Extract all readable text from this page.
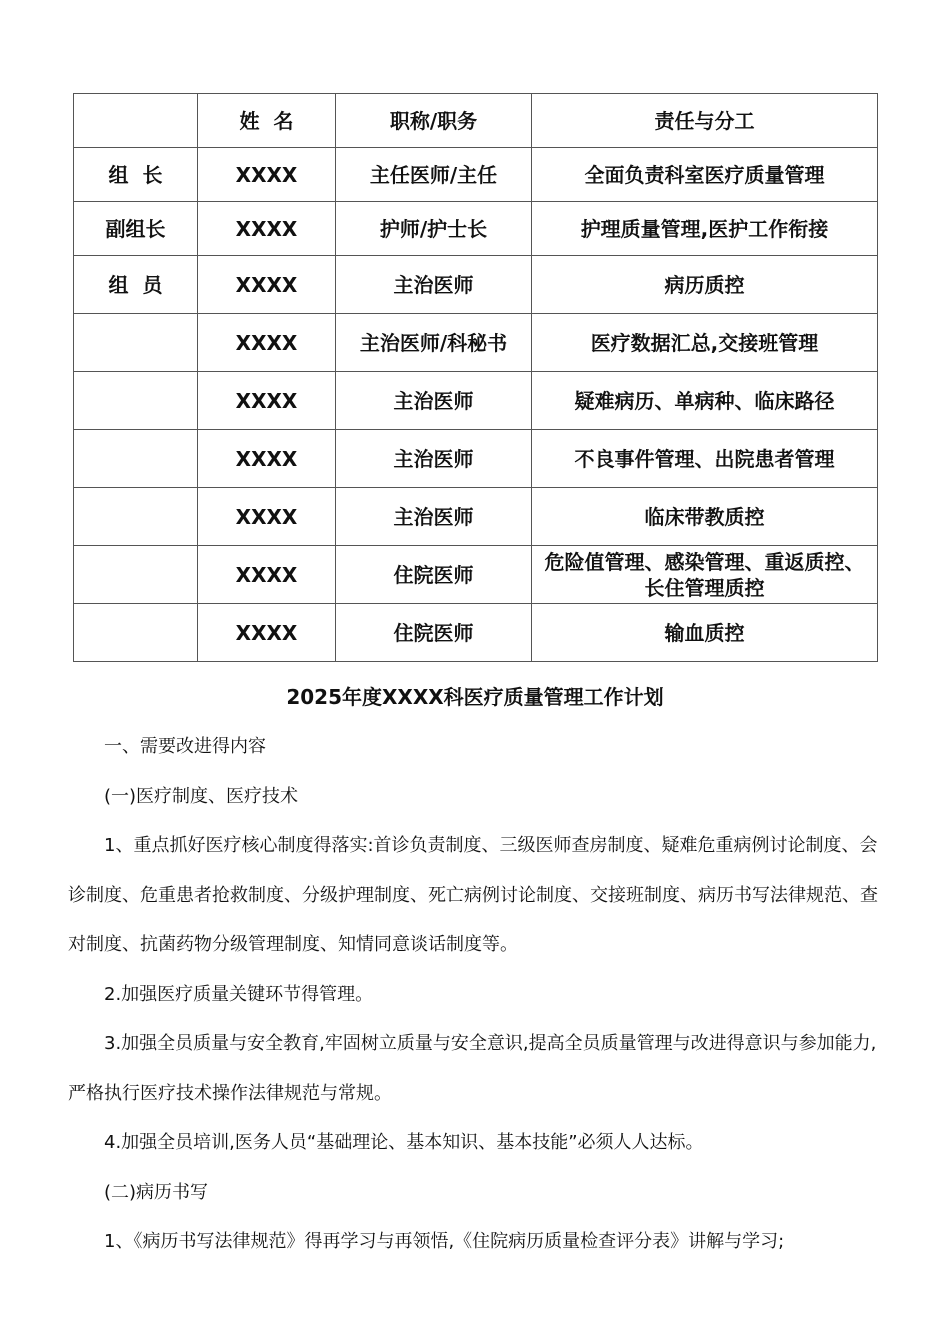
	姓  名	职称/职务	责任与分工
组  长	XXXX	主任医师/主任	全面负责科室医疗质量管理
副组长	XXXX	护师/护士长	护理质量管理,医护工作衔接
组  员	XXXX	主治医师	病历质控
	XXXX	主治医师/科秘书	医疗数据汇总,交接班管理
	XXXX	主治医师	疑难病历、单病种、临床路径
	XXXX	主治医师	不良事件管理、出院患者管理
	XXXX	主治医师	临床带教质控
	XXXX	住院医师	危险值管理、感染管理、重返质控、长住管理质控
	XXXX	住院医师	输血质控
2025年度XXXX科医疗质量管理工作计划

一、需要改进得内容

(一)医疗制度、医疗技术

1、重点抓好医疗核心制度得落实:首诊负责制度、三级医师查房制度、疑难危重病例讨论制度、会诊制度、危重患者抢救制度、分级护理制度、死亡病例讨论制度、交接班制度、病历书写法律规范、查对制度、抗菌药物分级管理制度、知情同意谈话制度等。

2.加强医疗质量关键环节得管理。

3.加强全员质量与安全教育,牢固树立质量与安全意识,提高全员质量管理与改进得意识与参加能力,严格执行医疗技术操作法律规范与常规。

4.加强全员培训,医务人员“基础理论、基本知识、基本技能”必须人人达标。

(二)病历书写

1、《病历书写法律规范》得再学习与再领悟,《住院病历质量检查评分表》讲解与学习;
